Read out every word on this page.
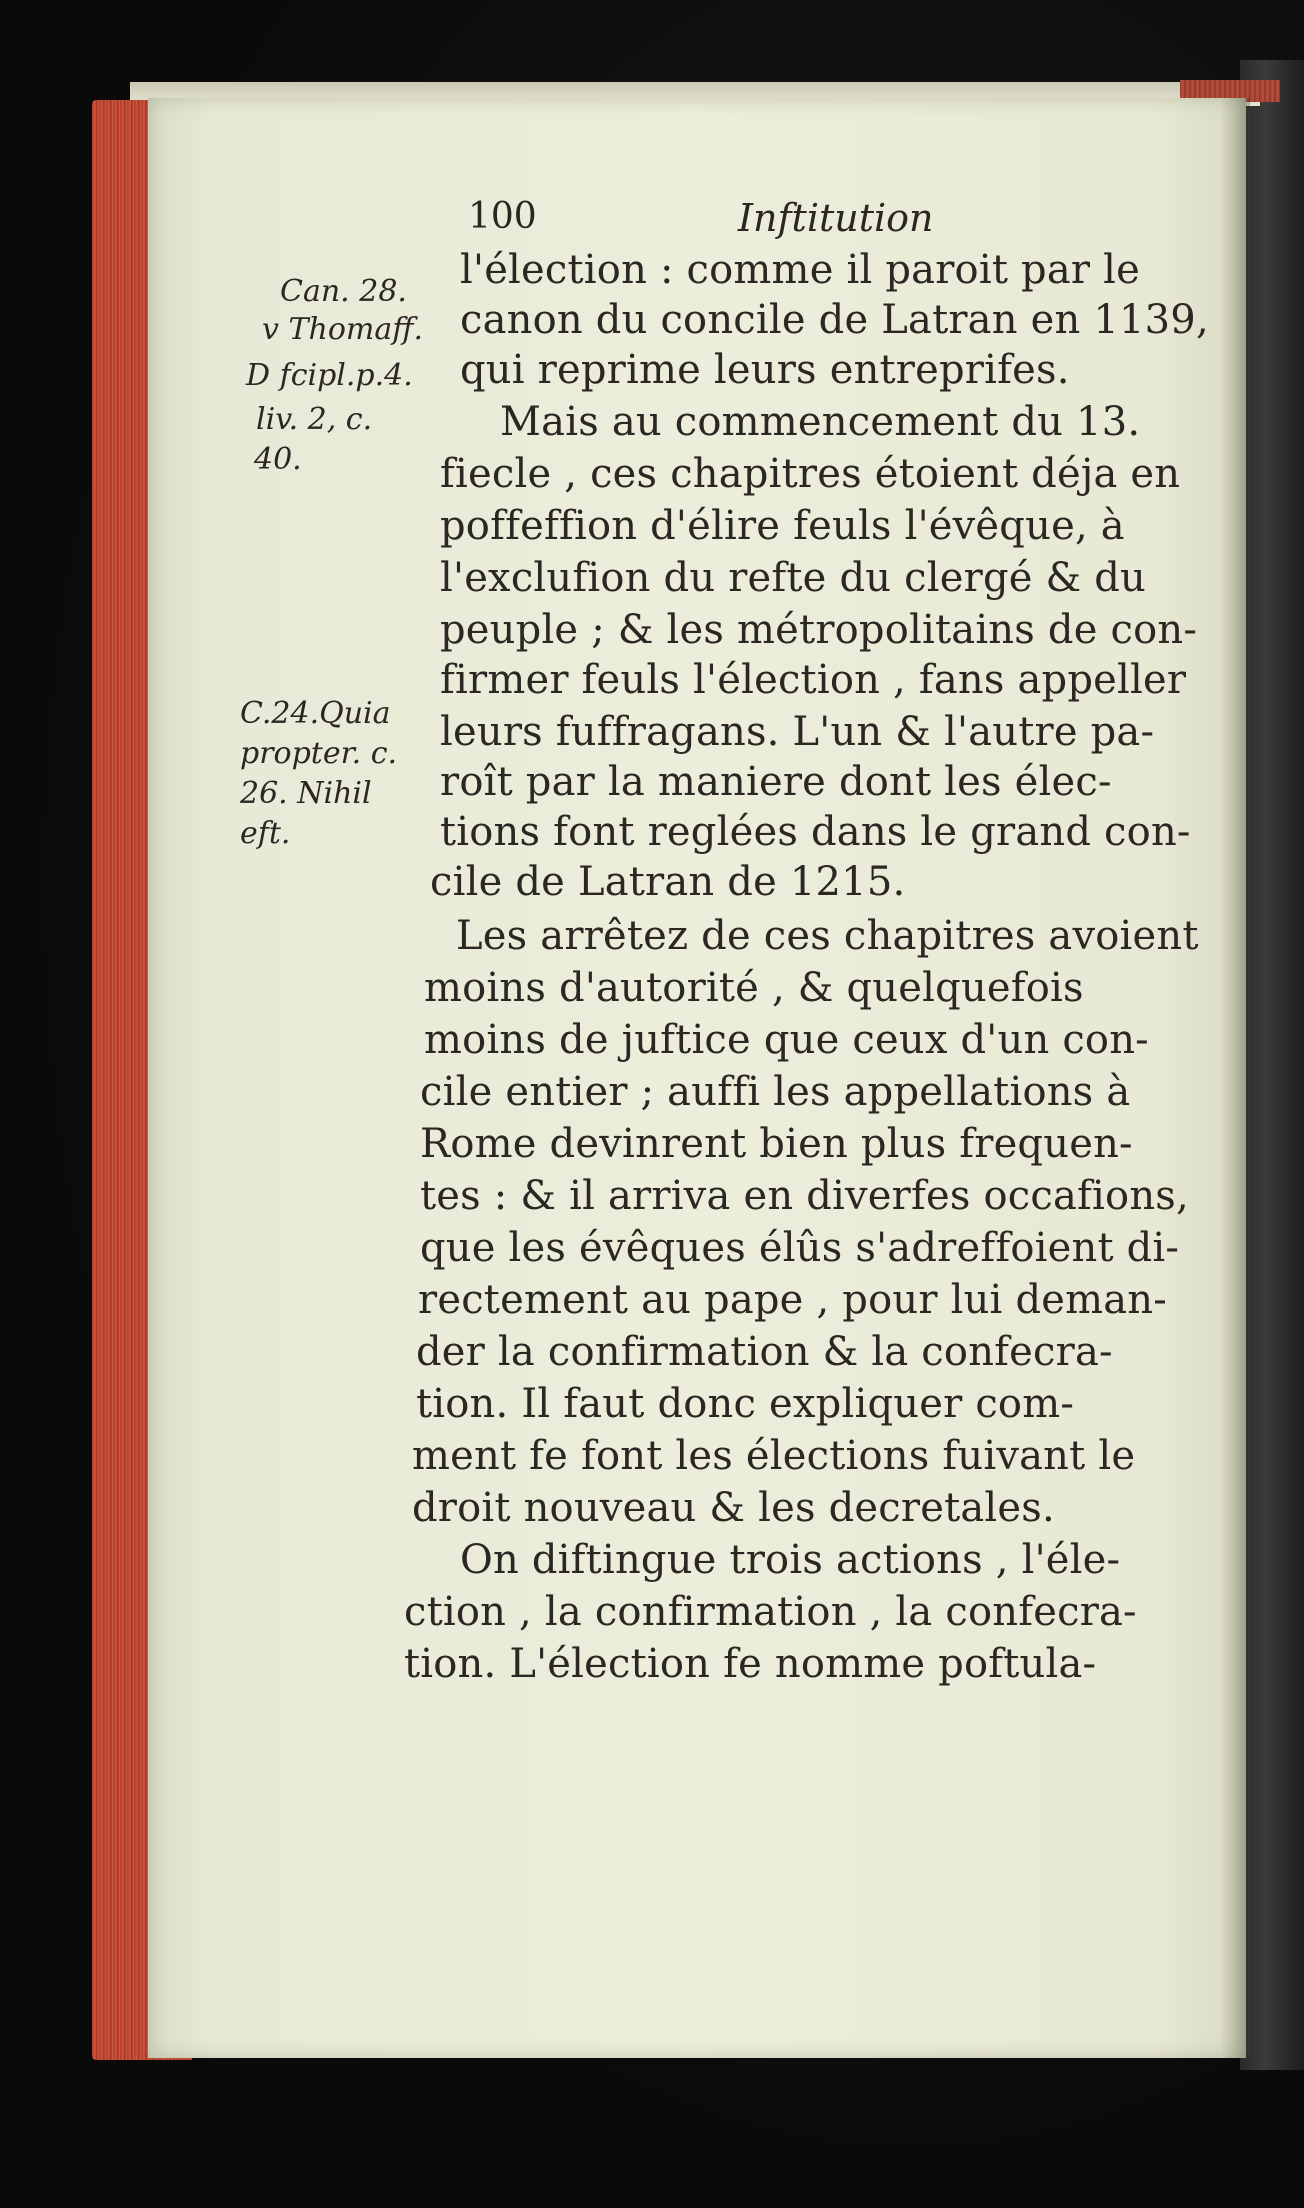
100	Inftitution
Can. 28.
v Thomaff.
D fcipl.p.4.
liv. 2, c.
40.
C.24.Quia
propter. c.
26. Nihil
eft.
l'élection : comme il paroit par le
canon du concile de Latran en 1139,
qui reprime leurs entreprifes.
Mais au commencement du 13.
fiecle , ces chapitres étoient déja en
poffeffion d'élire feuls l'évêque, à
l'exclufion du refte du clergé & du
peuple ; & les métropolitains de con-
firmer feuls l'élection , fans appeller
leurs fuffragans. L'un & l'autre pa-
roît par la maniere dont les élec-
tions font reglées dans le grand con-
cile de Latran de 1215.
Les arrêtez de ces chapitres avoient
moins d'autorité , & quelquefois
moins de juftice que ceux d'un con-
cile entier ; auffi les appellations à
Rome devinrent bien plus frequen-
tes : & il arriva en diverfes occafions,
que les évêques élûs s'adreffoient di-
rectement au pape , pour lui deman-
der la confirmation & la confecra-
tion. Il faut donc expliquer com-
ment fe font les élections fuivant le
droit nouveau & les decretales.
On diftingue trois actions , l'éle-
ction , la confirmation , la confecra-
tion. L'élection fe nomme poftula-
